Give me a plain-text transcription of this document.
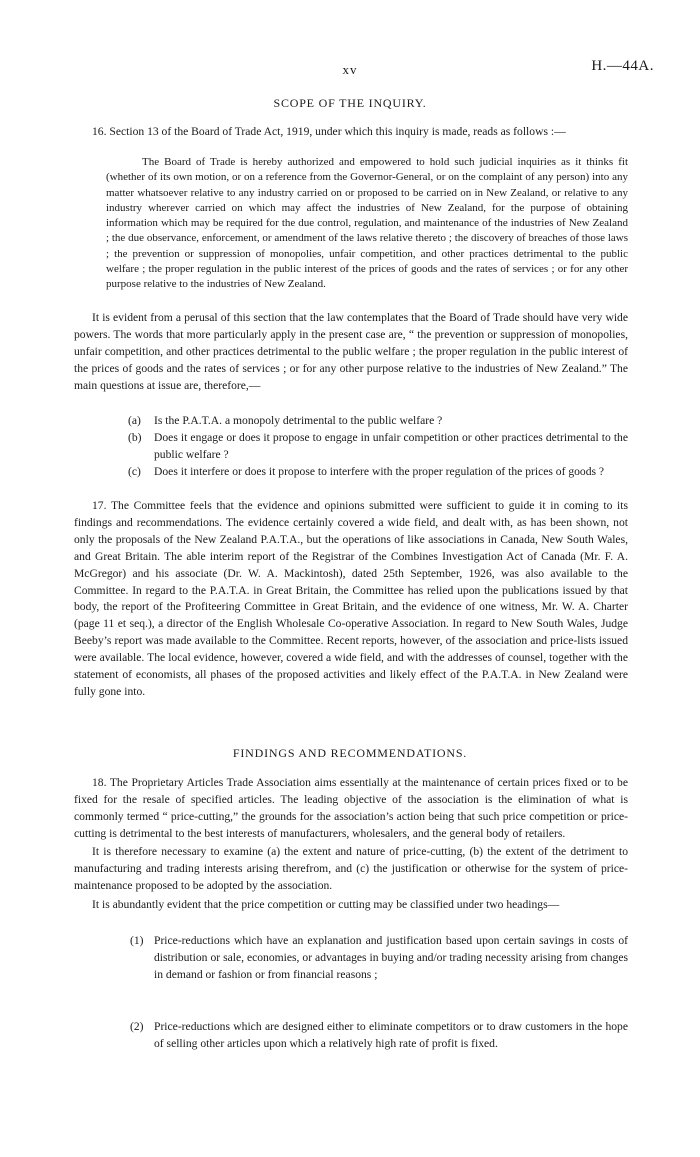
xv	H.—44A.
SCOPE OF THE INQUIRY.

16. Section 13 of the Board of Trade Act, 1919, under which this inquiry is made, reads as follows :—

The Board of Trade is hereby authorized and empowered to hold such judicial inquiries as it thinks fit (whether of its own motion, or on a reference from the Governor-General, or on the complaint of any person) into any matter whatsoever relative to any industry carried on or proposed to be carried on in New Zealand, or relative to any industry wherever carried on which may affect the industries of New Zealand, for the purpose of obtaining information which may be required for the due control, regulation, and maintenance of the industries of New Zealand ; the due observance, enforcement, or amendment of the laws relative thereto ; the discovery of breaches of those laws ; the prevention or suppression of monopolies, unfair competition, and other practices detrimental to the public welfare ; the proper regulation in the public interest of the prices of goods and the rates of services ; or for any other purpose relative to the industries of New Zealand.

It is evident from a perusal of this section that the law contemplates that the Board of Trade should have very wide powers. The words that more particularly apply in the present case are, “ the prevention or suppression of monopolies, unfair competition, and other practices detrimental to the public welfare ; the proper regulation in the public interest of the prices of goods and the rates of services ; or for any other purpose relative to the industries of New Zealand.” The main questions at issue are, therefore,—

(a) Is the P.A.T.A. a monopoly detrimental to the public welfare ?
(b) Does it engage or does it propose to engage in unfair competition or other practices detrimental to the public welfare ?
(c) Does it interfere or does it propose to interfere with the proper regulation of the prices of goods ?

17. The Committee feels that the evidence and opinions submitted were sufficient to guide it in coming to its findings and recommendations. The evidence certainly covered a wide field, and dealt with, as has been shown, not only the proposals of the New Zealand P.A.T.A., but the operations of like associations in Canada, New South Wales, and Great Britain. The able interim report of the Registrar of the Combines Investigation Act of Canada (Mr. F. A. McGregor) and his associate (Dr. W. A. Mackintosh), dated 25th September, 1926, was also available to the Committee. In regard to the P.A.T.A. in Great Britain, the Committee has relied upon the publications issued by that body, the report of the Profiteering Committee in Great Britain, and the evidence of one witness, Mr. W. A. Charter (page 11 et seq.), a director of the English Wholesale Co-operative Association. In regard to New South Wales, Judge Beeby’s report was made available to the Committee. Recent reports, however, of the association and price-lists issued were available. The local evidence, however, covered a wide field, and with the addresses of counsel, together with the statement of economists, all phases of the proposed activities and likely effect of the P.A.T.A. in New Zealand were fully gone into.

FINDINGS AND RECOMMENDATIONS.

18. The Proprietary Articles Trade Association aims essentially at the maintenance of certain prices fixed or to be fixed for the resale of specified articles. The leading objective of the association is the elimination of what is commonly termed “ price-cutting,” the grounds for the association’s action being that such price competition or price-cutting is detrimental to the best interests of manufacturers, wholesalers, and the general body of retailers.

It is therefore necessary to examine (a) the extent and nature of price-cutting, (b) the extent of the detriment to manufacturing and trading interests arising therefrom, and (c) the justification or otherwise for the system of price-maintenance proposed to be adopted by the association.

It is abundantly evident that the price competition or cutting may be classified under two headings—

(1) Price-reductions which have an explanation and justification based upon certain savings in costs of distribution or sale, economies, or advantages in buying and/or trading necessity arising from changes in demand or fashion or from financial reasons ;
(2) Price-reductions which are designed either to eliminate competitors or to draw customers in the hope of selling other articles upon which a relatively high rate of profit is fixed.
